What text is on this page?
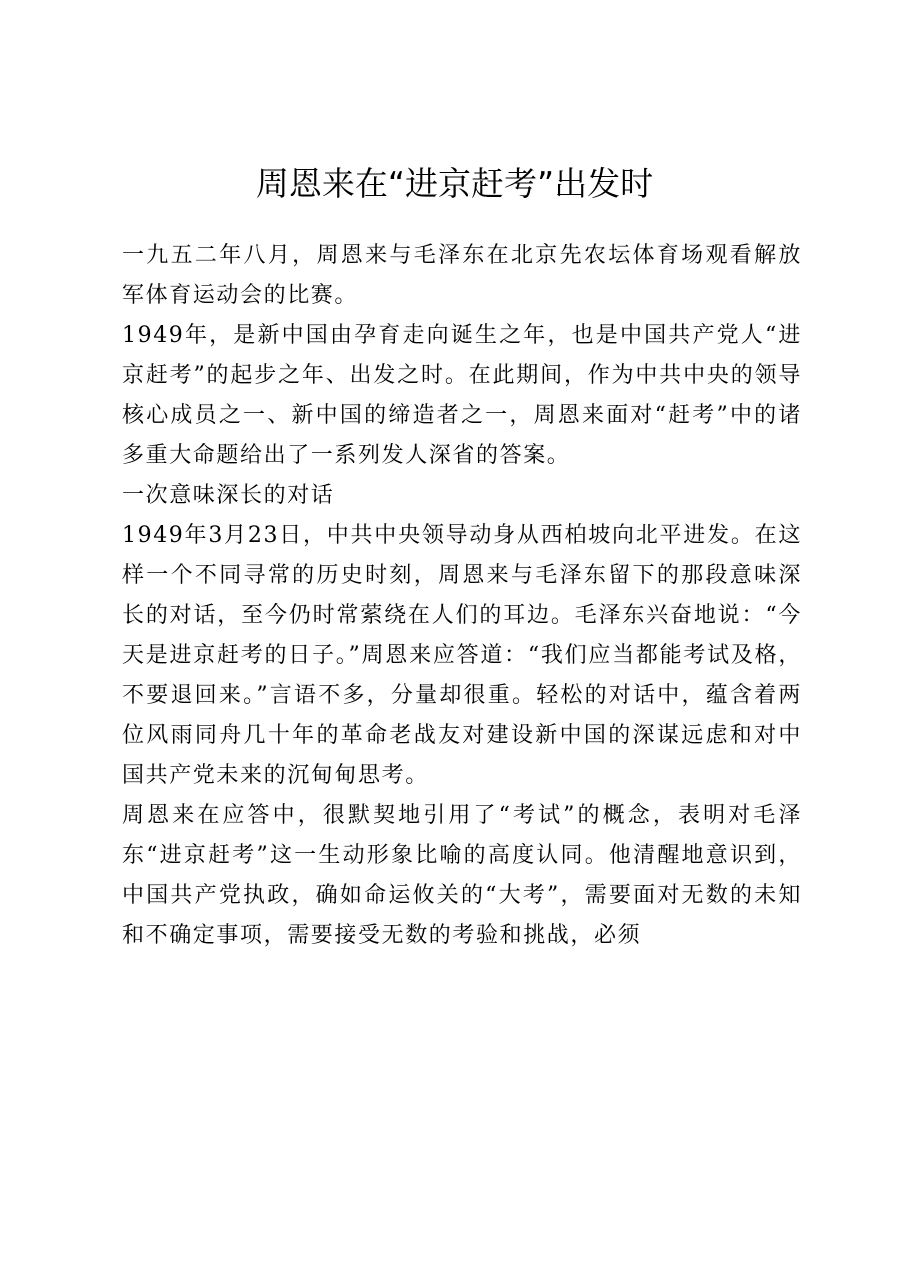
周恩来在“进京赶考”出发时

一九五二年八月，周恩来与毛泽东在北京先农坛体育场观看解放军体育运动会的比赛。

1949年，是新中国由孕育走向诞生之年，也是中国共产党人“进京赶考”的起步之年、出发之时。在此期间，作为中共中央的领导核心成员之一、新中国的缔造者之一，周恩来面对“赶考”中的诸多重大命题给出了一系列发人深省的答案。

一次意味深长的对话

1949年3月23日，中共中央领导动身从西柏坡向北平进发。在这样一个不同寻常的历史时刻，周恩来与毛泽东留下的那段意味深长的对话，至今仍时常萦绕在人们的耳边。毛泽东兴奋地说：“今天是进京赶考的日子。”周恩来应答道：“我们应当都能考试及格，不要退回来。”言语不多，分量却很重。轻松的对话中，蕴含着两位风雨同舟几十年的革命老战友对建设新中国的深谋远虑和对中国共产党未来的沉甸甸思考。

周恩来在应答中，很默契地引用了“考试”的概念，表明对毛泽东“进京赶考”这一生动形象比喻的高度认同。他清醒地意识到，中国共产党执政，确如命运攸关的“大考”，需要面对无数的未知和不确定事项，需要接受无数的考验和挑战，必须
